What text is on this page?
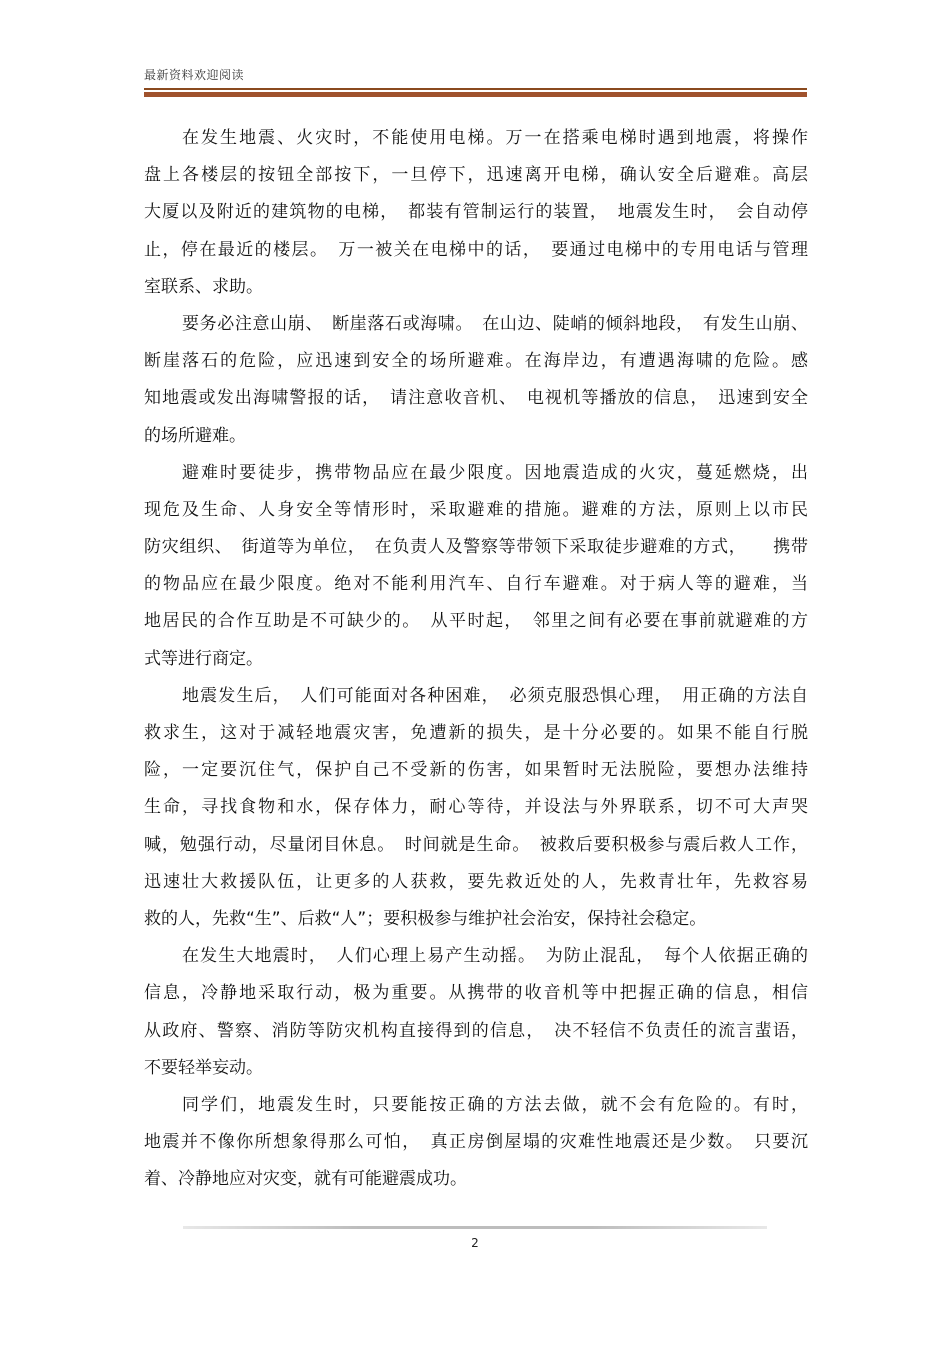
最新资料欢迎阅读
在发生地震、火灾时，不能使用电梯。万一在搭乘电梯时遇到地震，将操作
盘上各楼层的按钮全部按下，一旦停下，迅速离开电梯，确认安全后避难。高层
大厦以及附近的建筑物的电梯，　都装有管制运行的装置，　地震发生时，　会自动停
止，停在最近的楼层。　万一被关在电梯中的话，　要通过电梯中的专用电话与管理
室联系、求助。
要务必注意山崩、　断崖落石或海啸。　在山边、陡峭的倾斜地段，　有发生山崩、
断崖落石的危险，应迅速到安全的场所避难。在海岸边，有遭遇海啸的危险。感
知地震或发出海啸警报的话，　请注意收音机、　电视机等播放的信息，　迅速到安全
的场所避难。
避难时要徒步，携带物品应在最少限度。因地震造成的火灾，蔓延燃烧，出
现危及生命、人身安全等情形时，采取避难的措施。避难的方法，原则上以市民
防灾组织、　街道等为单位，　在负责人及警察等带领下采取徒步避难的方式，　　携带
的物品应在最少限度。绝对不能利用汽车、自行车避难。对于病人等的避难，当
地居民的合作互助是不可缺少的。　从平时起，　邻里之间有必要在事前就避难的方
式等进行商定。
地震发生后，　人们可能面对各种困难，　必须克服恐惧心理，　用正确的方法自
救求生，这对于减轻地震灾害，免遭新的损失，是十分必要的。如果不能自行脱
险，一定要沉住气，保护自己不受新的伤害，如果暂时无法脱险，要想办法维持
生命，寻找食物和水，保存体力，耐心等待，并设法与外界联系，切不可大声哭
喊，勉强行动，尽量闭目休息。　时间就是生命。　被救后要积极参与震后救人工作，
迅速壮大救援队伍，让更多的人获救，要先救近处的人，先救青壮年，先救容易
救的人，先救“生”、后救“人”；要积极参与维护社会治安，保持社会稳定。
在发生大地震时，　人们心理上易产生动摇。　为防止混乱，　每个人依据正确的
信息，冷静地采取行动，极为重要。从携带的收音机等中把握正确的信息，相信
从政府、警察、消防等防灾机构直接得到的信息，　决不轻信不负责任的流言蜚语，
不要轻举妄动。
同学们，地震发生时，只要能按正确的方法去做，就不会有危险的。有时，
地震并不像你所想象得那么可怕，　真正房倒屋塌的灾难性地震还是少数。　只要沉
着、冷静地应对灾变，就有可能避震成功。
2
